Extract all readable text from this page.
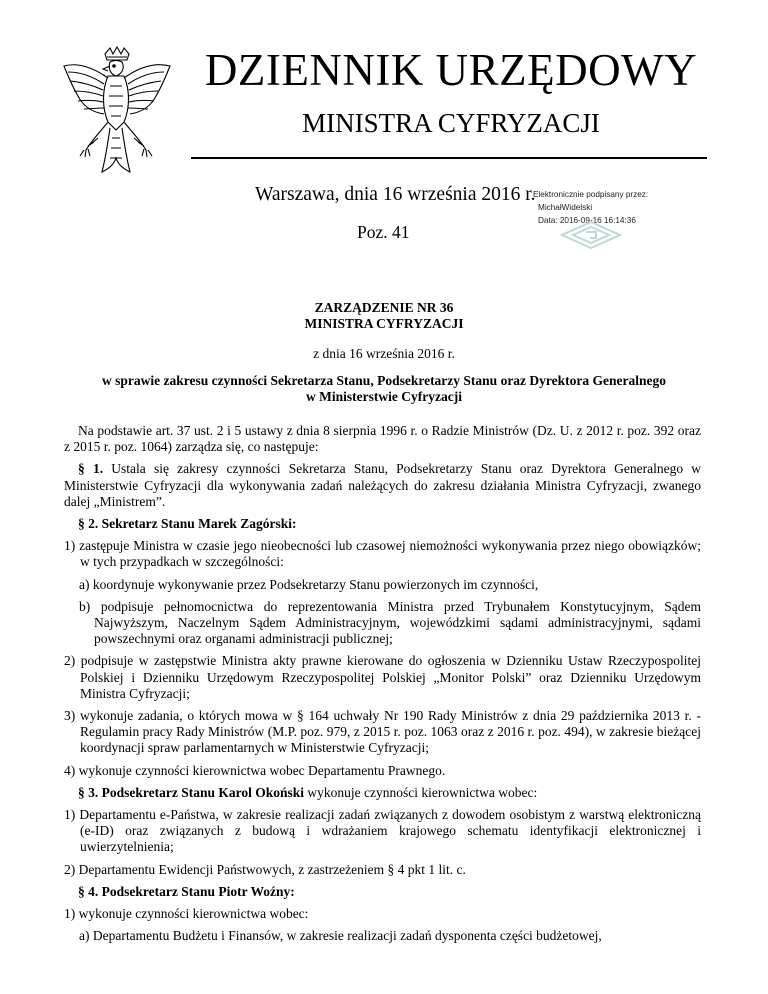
DZIENNIK URZĘDOWY
MINISTRA CYFRYZACJI
Warszawa, dnia 16 września 2016 r.
Poz. 41
Elektronicznie podpisany przez:
MichałWidelski
Data: 2016-09-16 16:14:36
ZARZĄDZENIE NR 36
MINISTRA CYFRYZACJI
z dnia 16 września 2016 r.
w sprawie zakresu czynności Sekretarza Stanu, Podsekretarzy Stanu oraz Dyrektora Generalnego
w Ministerstwie Cyfryzacji

Na podstawie art. 37 ust. 2 i 5 ustawy z dnia 8 sierpnia 1996 r. o Radzie Ministrów (Dz. U. z 2012 r. poz. 392 oraz z 2015 r. poz. 1064) zarządza się, co następuje:

§ 1. Ustala się zakresy czynności Sekretarza Stanu, Podsekretarzy Stanu oraz Dyrektora Generalnego w Ministerstwie Cyfryzacji dla wykonywania zadań należących do zakresu działania Ministra Cyfryzacji, zwanego dalej „Ministrem”.

§ 2. Sekretarz Stanu Marek Zagórski:

1) zastępuje Ministra w czasie jego nieobecności lub czasowej niemożności wykonywania przez niego obowiązków; w tych przypadkach w szczególności:

a) koordynuje wykonywanie przez Podsekretarzy Stanu powierzonych im czynności,

b) podpisuje pełnomocnictwa do reprezentowania Ministra przed Trybunałem Konstytucyjnym, Sądem Najwyższym, Naczelnym Sądem Administracyjnym, wojewódzkimi sądami administracyjnymi, sądami powszechnymi oraz organami administracji publicznej;

2) podpisuje w zastępstwie Ministra akty prawne kierowane do ogłoszenia w Dzienniku Ustaw Rzeczypospolitej Polskiej i Dzienniku Urzędowym Rzeczypospolitej Polskiej „Monitor Polski” oraz Dzienniku Urzędowym Ministra Cyfryzacji;

3) wykonuje zadania, o których mowa w § 164 uchwały Nr 190 Rady Ministrów z dnia 29 października 2013 r. - Regulamin pracy Rady Ministrów (M.P. poz. 979, z 2015 r. poz. 1063 oraz z 2016 r. poz. 494), w zakresie bieżącej koordynacji spraw parlamentarnych w Ministerstwie Cyfryzacji;

4) wykonuje czynności kierownictwa wobec Departamentu Prawnego.

§ 3. Podsekretarz Stanu Karol Okoński wykonuje czynności kierownictwa wobec:

1) Departamentu e-Państwa, w zakresie realizacji zadań związanych z dowodem osobistym z warstwą elektroniczną (e-ID) oraz związanych z budową i wdrażaniem krajowego schematu identyfikacji elektronicznej i uwierzytelnienia;

2) Departamentu Ewidencji Państwowych, z zastrzeżeniem § 4 pkt 1 lit. c.

§ 4. Podsekretarz Stanu Piotr Woźny:

1) wykonuje czynności kierownictwa wobec:

a) Departamentu Budżetu i Finansów, w zakresie realizacji zadań dysponenta części budżetowej,
